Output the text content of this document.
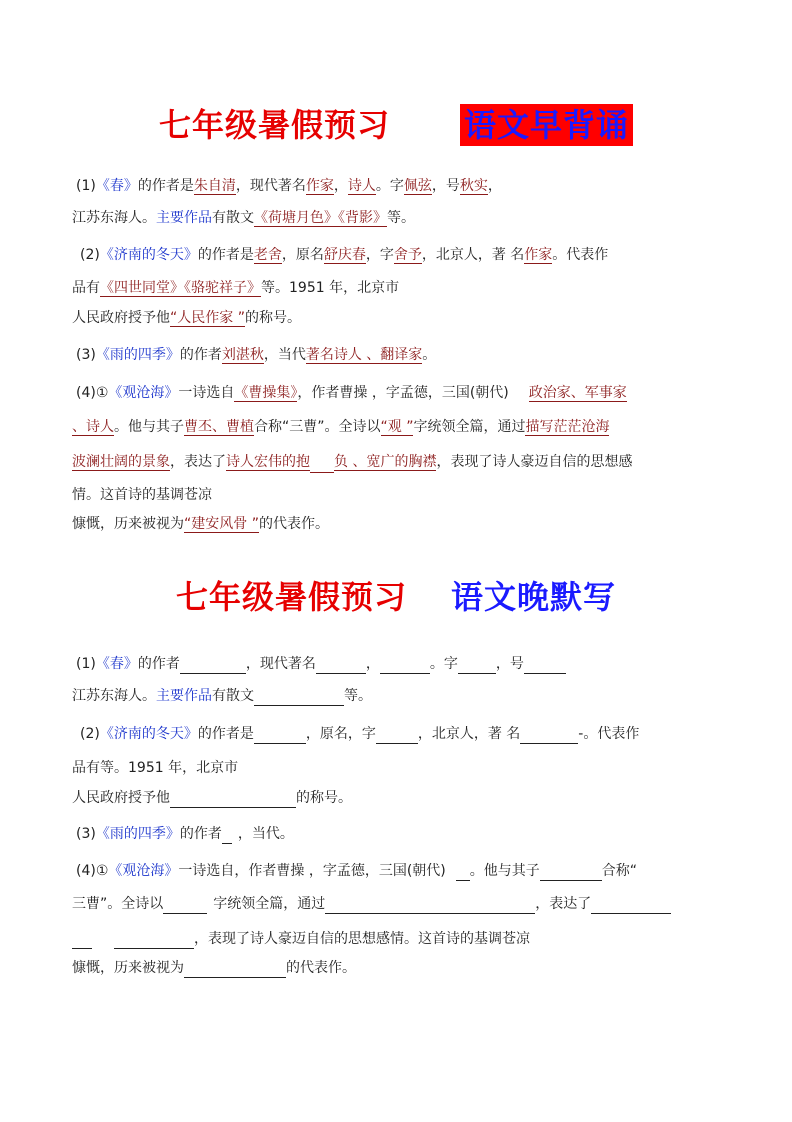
七年级暑假预习 语文早背诵
(1)《春》的作者是朱自清，现代著名作家，诗人。字佩弦，号秋实，
江苏东海人。主要作品有散文《荷塘月色》《背影》等。
(2)《济南的冬天》的作者是老舍，原名舒庆春，字舍予，北京人，著 名作家。代表作
品有《四世同堂》《骆驼祥子》等。1951 年，北京市
人民政府授予他“人民作家 ”的称号。
(3)《雨的四季》的作者刘湛秋，当代著名诗人 、翻译家。
(4)①《观沧海》一诗选自《曹操集》，作者曹操 ，字孟德，三国(朝代) 政治家、军事家
、诗人。他与其子曹丕、曹植合称“三曹”。全诗以“观 ”字统领全篇，通过描写茫茫沧海
波澜壮阔的景象，表达了诗人宏伟的抱 负 、宽广的胸襟，表现了诗人豪迈自信的思想感
情。这首诗的基调苍凉
慷慨，历来被视为“建安风骨 ”的代表作。
七年级暑假预习 语文晚默写
(1)《春》的作者	，现代著名	，	。字	，号
江苏东海人。主要作品有散文	等。
(2)《济南的冬天》的作者是	，原名，字	，北京人，著 名	-。代表作
品有等。1951 年，北京市
人民政府授予他	的称号。
(3)《雨的四季》的作者 ，当代。
(4)①《观沧海》一诗选自，作者曹操 ，字孟德，三国(朝代) 。他与其子	合称“
三曹”。全诗以	字统领全篇，通过	，表达了
，表现了诗人豪迈自信的思想感情。这首诗的基调苍凉
慷慨，历来被视为	的代表作。
